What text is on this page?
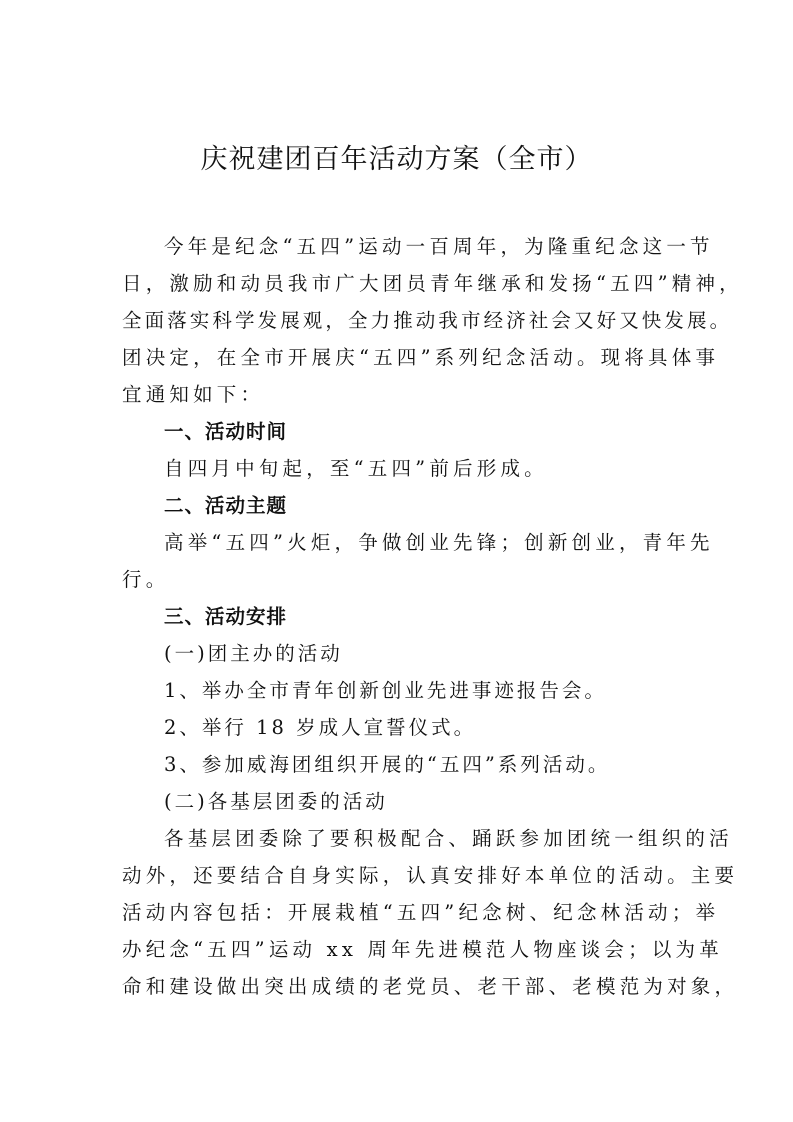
庆祝建团百年活动方案（全市）
今年是纪念“五四”运动一百周年，为隆重纪念这一节
日，激励和动员我市广大团员青年继承和发扬“五四”精神，
全面落实科学发展观，全力推动我市经济社会又好又快发展。
团决定，在全市开展庆“五四”系列纪念活动。现将具体事
宜通知如下：
一、活动时间
自四月中旬起，至“五四”前后形成。
二、活动主题
高举“五四”火炬，争做创业先锋；创新创业，青年先
行。
三、活动安排
(一)团主办的活动
1、举办全市青年创新创业先进事迹报告会。
2、举行 18 岁成人宣誓仪式。
3、参加威海团组织开展的“五四”系列活动。
(二)各基层团委的活动
各基层团委除了要积极配合、踊跃参加团统一组织的活
动外，还要结合自身实际，认真安排好本单位的活动。主要
活动内容包括：开展栽植“五四”纪念树、纪念林活动；举
办纪念“五四”运动 xx 周年先进模范人物座谈会；以为革
命和建设做出突出成绩的老党员、老干部、老模范为对象，
